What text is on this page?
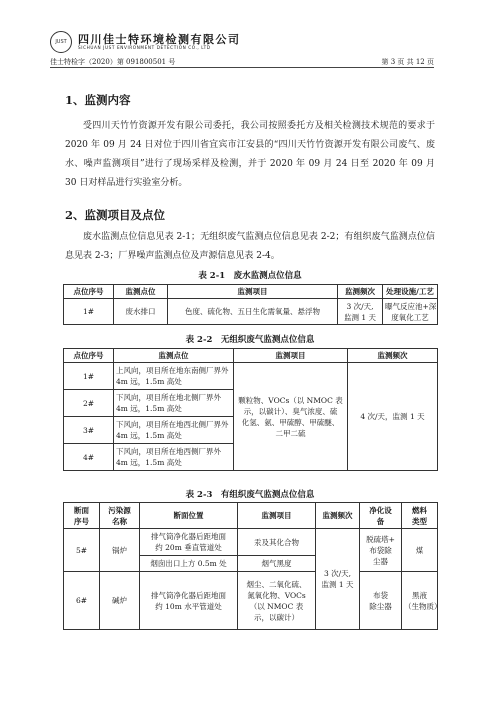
JUST 四川佳士特环境检测有限公司
SICHUAN JUST ENVIRONMENT DETECTION CO., LTD
佳士特检字（2020）第 091800501 号	第 3 页 共 12 页
1、监测内容

受四川天竹竹资源开发有限公司委托，我公司按照委托方及相关检测技术规范的要求于 2020 年 09 月 24 日对位于四川省宜宾市江安县的“四川天竹竹资源开发有限公司废气、废水、噪声监测项目”进行了现场采样及检测，并于 2020 年 09 月 24 日至 2020 年 09 月 30 日对样品进行实验室分析。

2、监测项目及点位

废水监测点位信息见表 2-1；无组织废气监测点位信息见表 2-2；有组织废气监测点位信息见表 2-3；厂界噪声监测点位及声源信息见表 2-4。

表 2-1　废水监测点位信息
点位序号	监测点位	监测项目	监测频次	处理设施/工艺
1#	废水排口	色度、硫化物、五日生化需氧量、悬浮物	3 次/天,
监测 1 天	曝气反应池+深
度氧化工艺
表 2-2　无组织废气监测点位信息
点位序号	监测点位	监测项目	监测频次
1#	上风向，项目所在地东南侧厂界外
4m 远，1.5m 高处	颗粒物、VOCs（以 NMOC 表
示，以碳计）、臭气浓度、硫
化氢、氨、甲硫醇、甲硫醚、
二甲二硫	4 次/天，监测 1 天
2#	下风向，项目所在地北侧厂界外
4m 远，1.5m 高处		

3#	下风向，项目所在地西北侧厂界外
4m 远，1.5m 高处		

4#	下风向，项目所在地西侧厂界外
4m 远，1.5m 高处		
表 2-3　有组织废气监测点位信息
断面
序号	污染源
名称	断面位置	监测项目	监测频次	净化设
备	燃料
类型

5#	锅炉	排气筒净化器后距地面
约 20m 垂直管道处	汞及其化合物	3 次/天,
监测 1 天	脱硫塔+
布袋除
尘器	煤
		烟囱出口上方 0.5m 处	烟气黑度			
6#	碱炉	排气筒净化器后距地面
约 10m 水平管道处	烟尘、二氧化硫、
氮氧化物、VOCs
（以 NMOC 表
示，以碳计）		布袋
除尘器	黑液
（生物质）
